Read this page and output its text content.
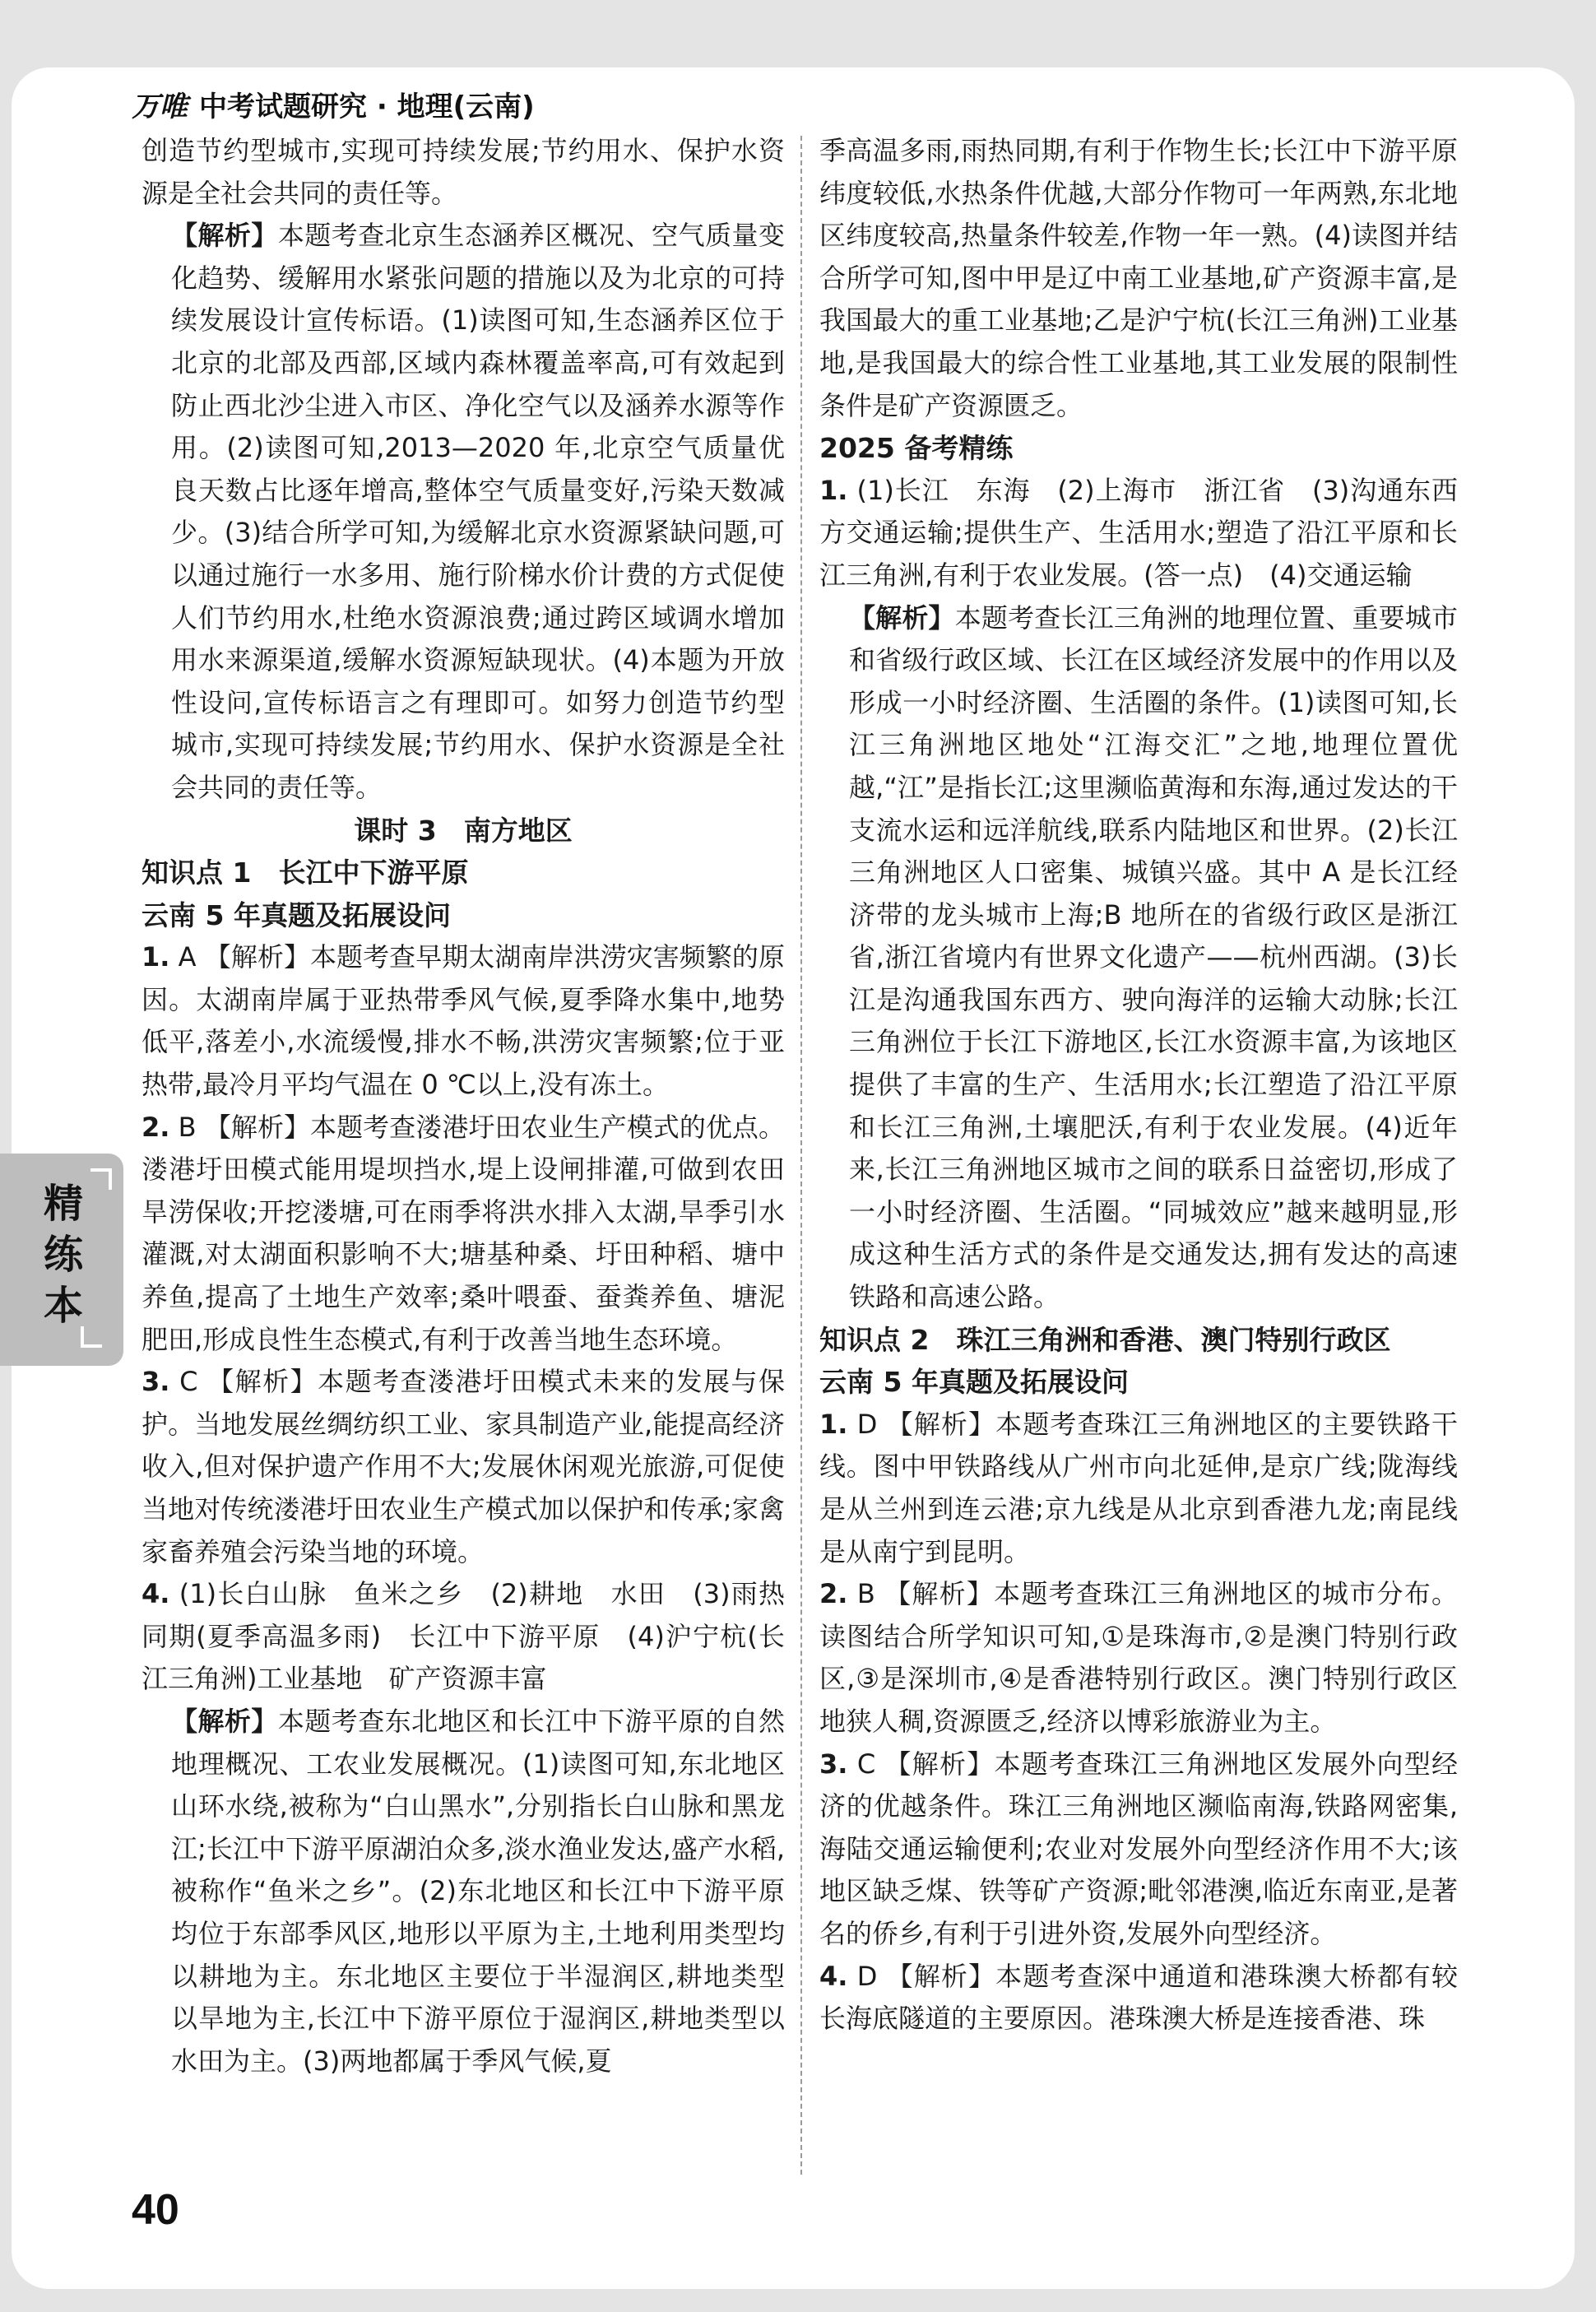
万唯 中考试题研究 · 地理(云南)
精练本

创造节约型城市,实现可持续发展;节约用水、保护水资源是全社会共同的责任等。

【解析】本题考查北京生态涵养区概况、空气质量变化趋势、缓解用水紧张问题的措施以及为北京的可持续发展设计宣传标语。(1)读图可知,生态涵养区位于北京的北部及西部,区域内森林覆盖率高,可有效起到防止西北沙尘进入市区、净化空气以及涵养水源等作用。(2)读图可知,2013—2020 年,北京空气质量优良天数占比逐年增高,整体空气质量变好,污染天数减少。(3)结合所学可知,为缓解北京水资源紧缺问题,可以通过施行一水多用、施行阶梯水价计费的方式促使人们节约用水,杜绝水资源浪费;通过跨区域调水增加用水来源渠道,缓解水资源短缺现状。(4)本题为开放性设问,宣传标语言之有理即可。如努力创造节约型城市,实现可持续发展;节约用水、保护水资源是全社会共同的责任等。

课时 3　南方地区

知识点 1　长江中下游平原

云南 5 年真题及拓展设问

1. A 【解析】本题考查早期太湖南岸洪涝灾害频繁的原因。太湖南岸属于亚热带季风气候,夏季降水集中,地势低平,落差小,水流缓慢,排水不畅,洪涝灾害频繁;位于亚热带,最冷月平均气温在 0 ℃以上,没有冻土。

2. B 【解析】本题考查溇港圩田农业生产模式的优点。溇港圩田模式能用堤坝挡水,堤上设闸排灌,可做到农田旱涝保收;开挖溇塘,可在雨季将洪水排入太湖,旱季引水灌溉,对太湖面积影响不大;塘基种桑、圩田种稻、塘中养鱼,提高了土地生产效率;桑叶喂蚕、蚕粪养鱼、塘泥肥田,形成良性生态模式,有利于改善当地生态环境。

3. C 【解析】本题考查溇港圩田模式未来的发展与保护。当地发展丝绸纺织工业、家具制造产业,能提高经济收入,但对保护遗产作用不大;发展休闲观光旅游,可促使当地对传统溇港圩田农业生产模式加以保护和传承;家禽家畜养殖会污染当地的环境。

4. (1)长白山脉　鱼米之乡　(2)耕地　水田　(3)雨热同期(夏季高温多雨)　长江中下游平原　(4)沪宁杭(长江三角洲)工业基地　矿产资源丰富

【解析】本题考查东北地区和长江中下游平原的自然地理概况、工农业发展概况。(1)读图可知,东北地区山环水绕,被称为“白山黑水”,分别指长白山脉和黑龙江;长江中下游平原湖泊众多,淡水渔业发达,盛产水稻,被称作“鱼米之乡”。(2)东北地区和长江中下游平原均位于东部季风区,地形以平原为主,土地利用类型均以耕地为主。东北地区主要位于半湿润区,耕地类型以旱地为主,长江中下游平原位于湿润区,耕地类型以水田为主。(3)两地都属于季风气候,夏

季高温多雨,雨热同期,有利于作物生长;长江中下游平原纬度较低,水热条件优越,大部分作物可一年两熟,东北地区纬度较高,热量条件较差,作物一年一熟。(4)读图并结合所学可知,图中甲是辽中南工业基地,矿产资源丰富,是我国最大的重工业基地;乙是沪宁杭(长江三角洲)工业基地,是我国最大的综合性工业基地,其工业发展的限制性条件是矿产资源匮乏。

2025 备考精练

1. (1)长江　东海　(2)上海市　浙江省　(3)沟通东西方交通运输;提供生产、生活用水;塑造了沿江平原和长江三角洲,有利于农业发展。(答一点)　(4)交通运输

【解析】本题考查长江三角洲的地理位置、重要城市和省级行政区域、长江在区域经济发展中的作用以及形成一小时经济圈、生活圈的条件。(1)读图可知,长江三角洲地区地处“江海交汇”之地,地理位置优越,“江”是指长江;这里濒临黄海和东海,通过发达的干支流水运和远洋航线,联系内陆地区和世界。(2)长江三角洲地区人口密集、城镇兴盛。其中 A 是长江经济带的龙头城市上海;B 地所在的省级行政区是浙江省,浙江省境内有世界文化遗产——杭州西湖。(3)长江是沟通我国东西方、驶向海洋的运输大动脉;长江三角洲位于长江下游地区,长江水资源丰富,为该地区提供了丰富的生产、生活用水;长江塑造了沿江平原和长江三角洲,土壤肥沃,有利于农业发展。(4)近年来,长江三角洲地区城市之间的联系日益密切,形成了一小时经济圈、生活圈。“同城效应”越来越明显,形成这种生活方式的条件是交通发达,拥有发达的高速铁路和高速公路。

知识点 2　珠江三角洲和香港、澳门特别行政区

云南 5 年真题及拓展设问

1. D 【解析】本题考查珠江三角洲地区的主要铁路干线。图中甲铁路线从广州市向北延伸,是京广线;陇海线是从兰州到连云港;京九线是从北京到香港九龙;南昆线是从南宁到昆明。

2. B 【解析】本题考查珠江三角洲地区的城市分布。读图结合所学知识可知,①是珠海市,②是澳门特别行政区,③是深圳市,④是香港特别行政区。澳门特别行政区地狭人稠,资源匮乏,经济以博彩旅游业为主。

3. C 【解析】本题考查珠江三角洲地区发展外向型经济的优越条件。珠江三角洲地区濒临南海,铁路网密集,海陆交通运输便利;农业对发展外向型经济作用不大;该地区缺乏煤、铁等矿产资源;毗邻港澳,临近东南亚,是著名的侨乡,有利于引进外资,发展外向型经济。

4. D 【解析】本题考查深中通道和港珠澳大桥都有较长海底隧道的主要原因。港珠澳大桥是连接香港、珠

40
